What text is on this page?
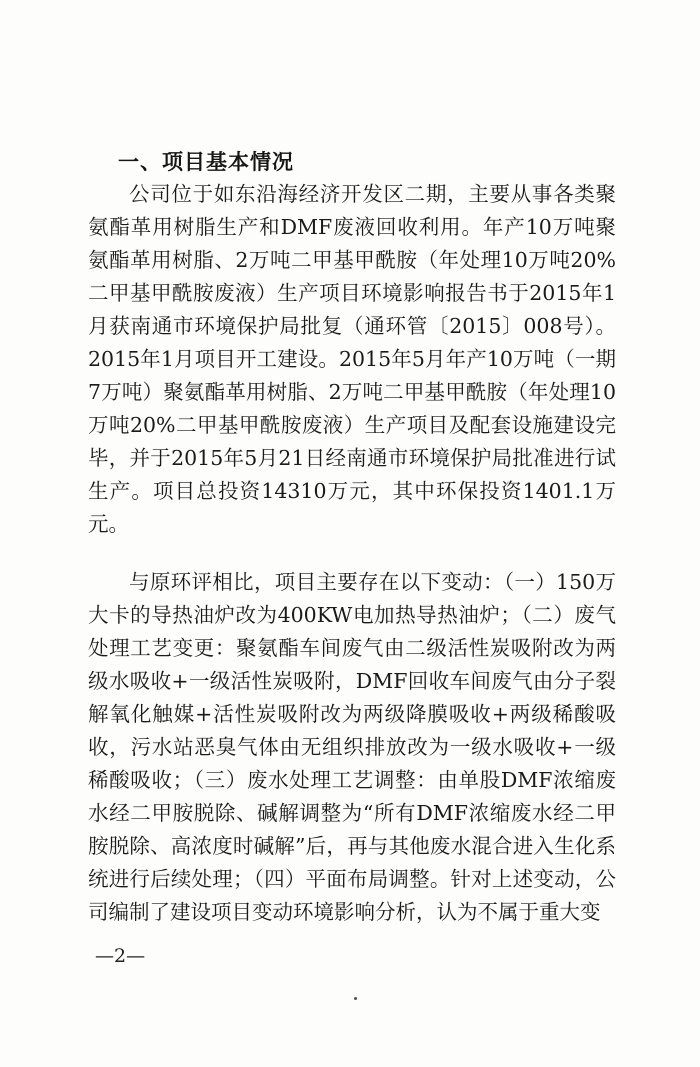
一、项目基本情况
公司位于如东沿海经济开发区二期，主要从事各类聚氨酯革用树脂生产和DMF废液回收利用。年产10万吨聚氨酯革用树脂、2万吨二甲基甲酰胺（年处理10万吨20%二甲基甲酰胺废液）生产项目环境影响报告书于2015年1月获南通市环境保护局批复（通环管〔2015〕008号）。2015年1月项目开工建设。2015年5月年产10万吨（一期7万吨）聚氨酯革用树脂、2万吨二甲基甲酰胺（年处理10万吨20%二甲基甲酰胺废液）生产项目及配套设施建设完毕，并于2015年5月21日经南通市环境保护局批准进行试生产。项目总投资14310万元，其中环保投资1401.1万元。
与原环评相比，项目主要存在以下变动：（一）150万大卡的导热油炉改为400KW电加热导热油炉；（二）废气处理工艺变更：聚氨酯车间废气由二级活性炭吸附改为两级水吸收+一级活性炭吸附，DMF回收车间废气由分子裂解氧化触媒+活性炭吸附改为两级降膜吸收+两级稀酸吸收，污水站恶臭气体由无组织排放改为一级水吸收+一级稀酸吸收；（三）废水处理工艺调整：由单股DMF浓缩废水经二甲胺脱除、碱解调整为“所有DMF浓缩废水经二甲胺脱除、高浓度时碱解”后，再与其他废水混合进入生化系统进行后续处理；（四）平面布局调整。针对上述变动，公司编制了建设项目变动环境影响分析，认为不属于重大变
—2—
